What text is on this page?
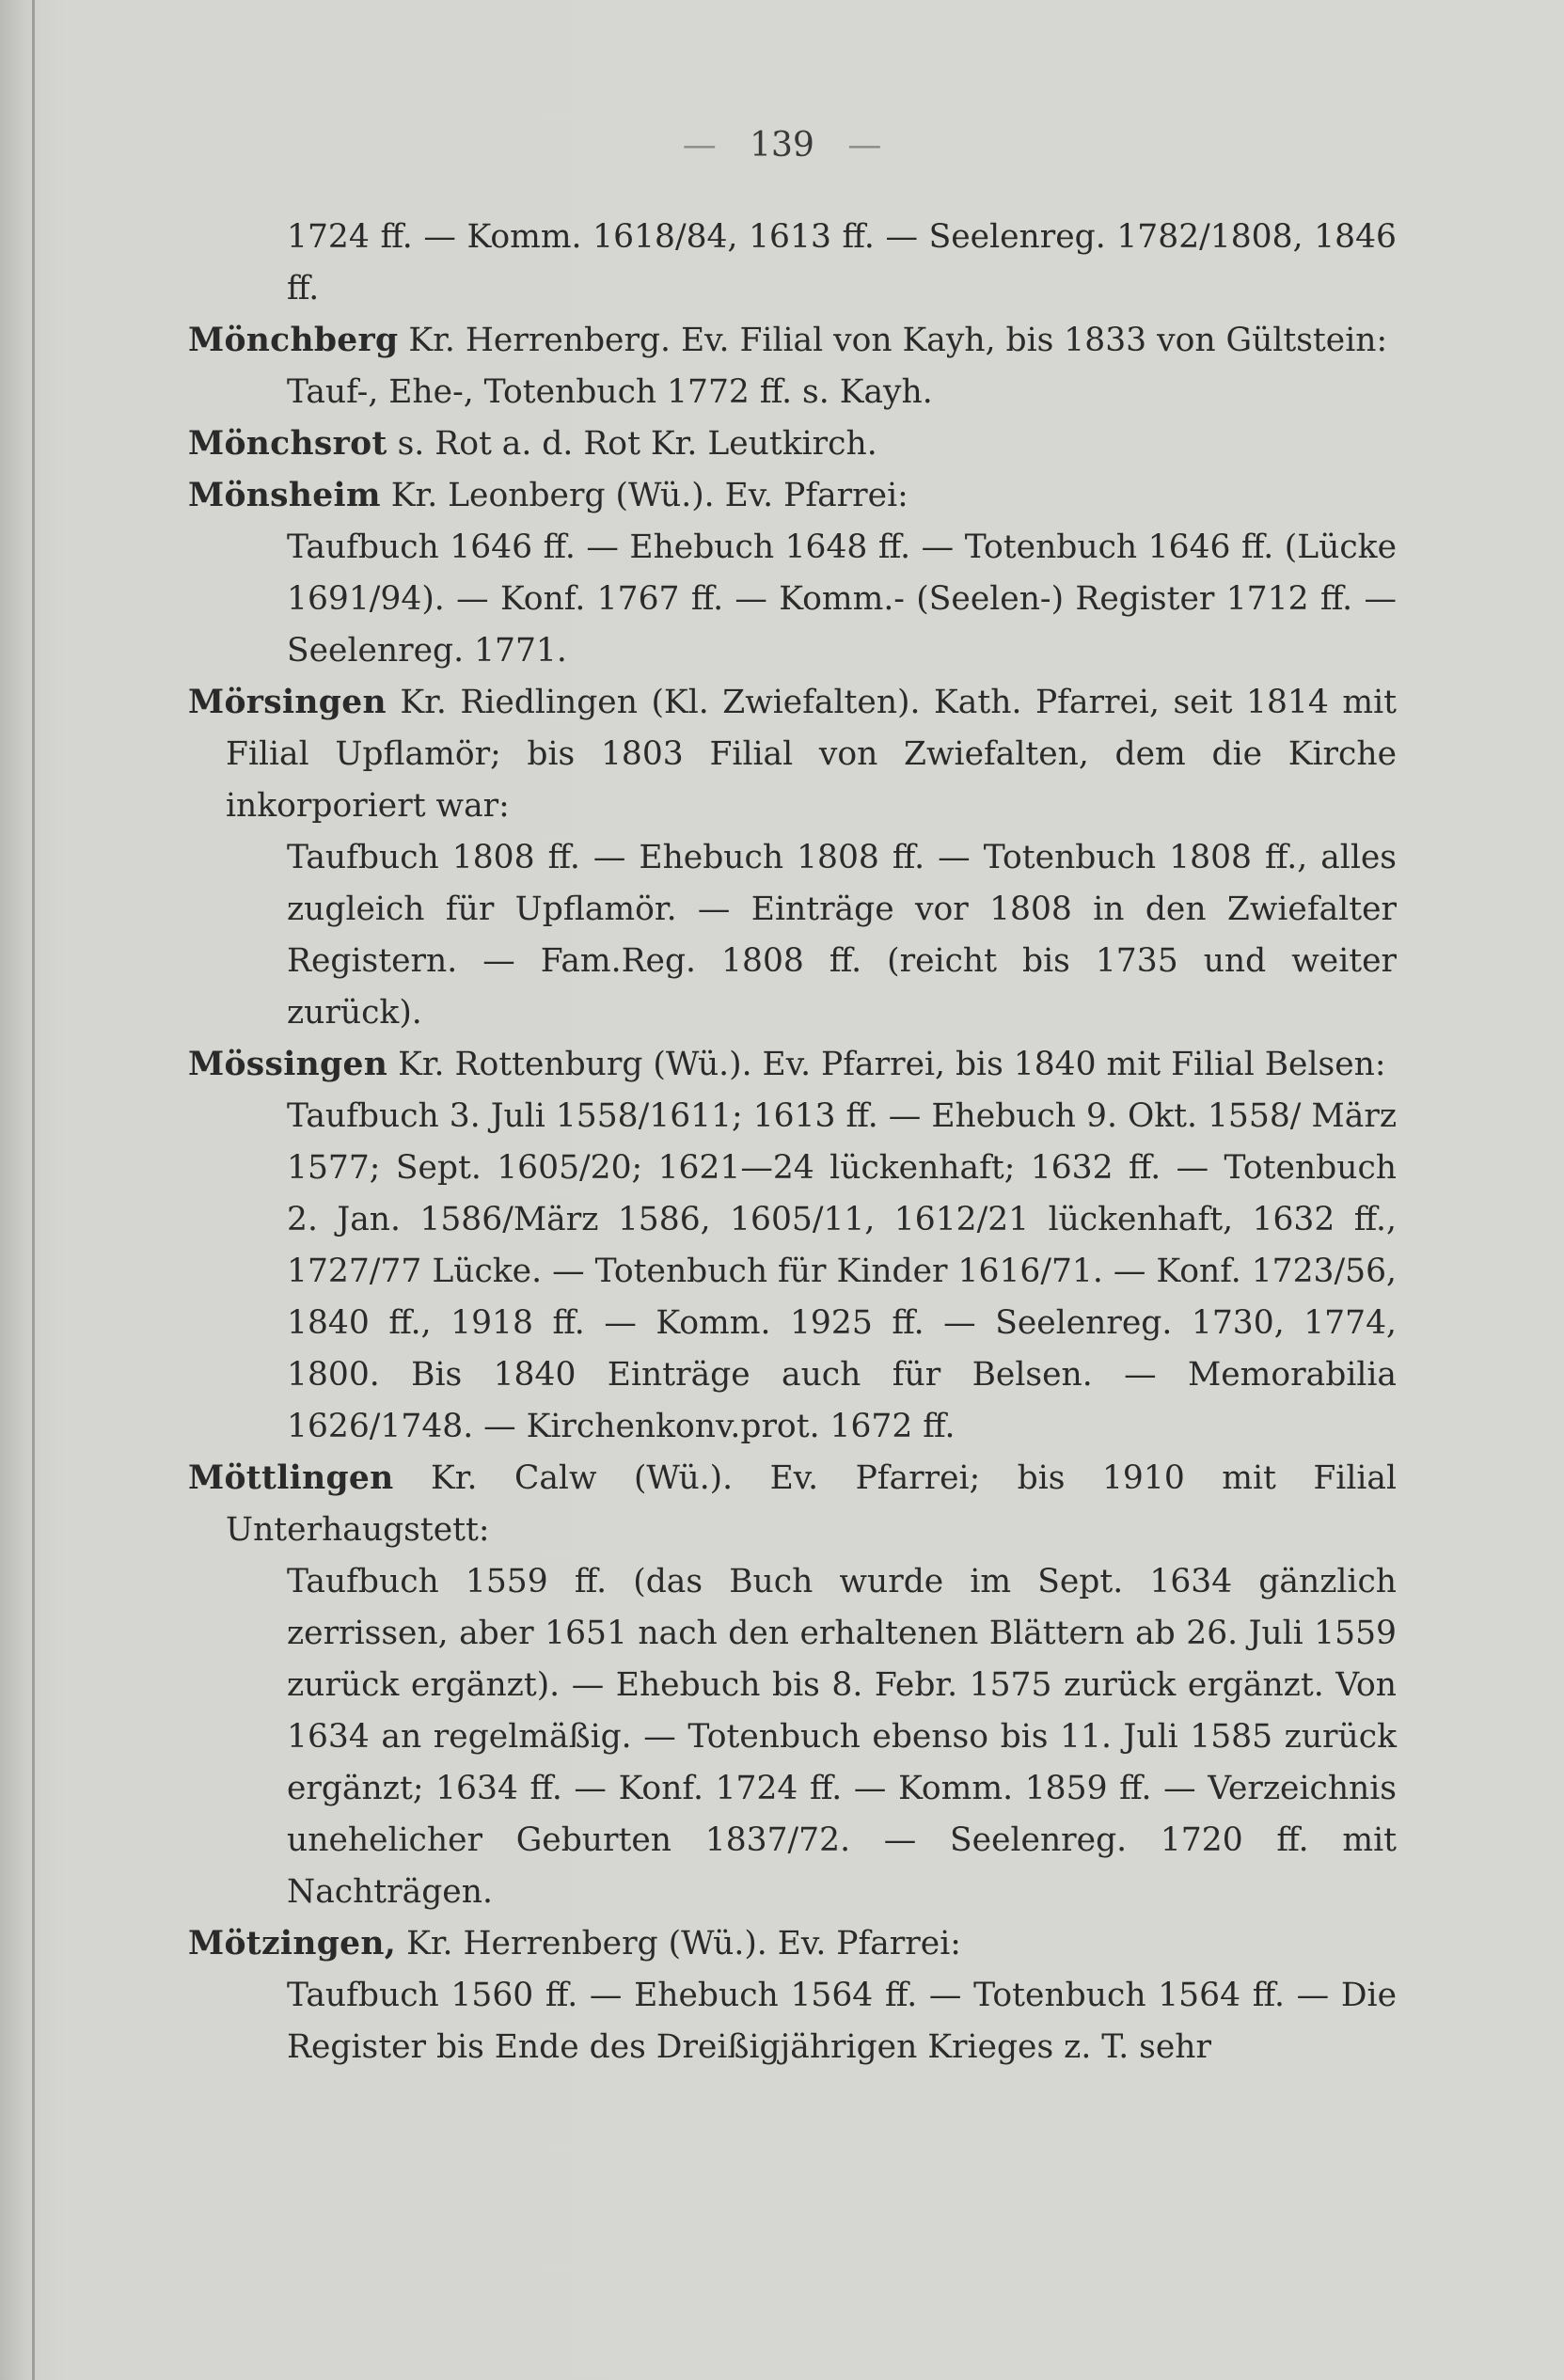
— 139 —
1724 ff. — Komm. 1618/84, 1613 ff. — Seelenreg. 1782/1808, 1846 ff.
Mönchberg Kr. Herrenberg. Ev. Filial von Kayh, bis 1833 von Gültstein:
Tauf-, Ehe-, Totenbuch 1772 ff. s. Kayh.
Mönchsrot s. Rot a. d. Rot Kr. Leutkirch.
Mönsheim Kr. Leonberg (Wü.). Ev. Pfarrei:
Taufbuch 1646 ff. — Ehebuch 1648 ff. — Totenbuch 1646 ff. (Lücke 1691/94). — Konf. 1767 ff. — Komm.- (Seelen-) Register 1712 ff. — Seelenreg. 1771.
Mörsingen Kr. Riedlingen (Kl. Zwiefalten). Kath. Pfarrei, seit 1814 mit Filial Upflamör; bis 1803 Filial von Zwiefalten, dem die Kirche inkorporiert war:
Taufbuch 1808 ff. — Ehebuch 1808 ff. — Totenbuch 1808 ff., alles zugleich für Upflamör. — Einträge vor 1808 in den Zwiefalter Registern. — Fam.Reg. 1808 ff. (reicht bis 1735 und weiter zurück).
Mössingen Kr. Rottenburg (Wü.). Ev. Pfarrei, bis 1840 mit Filial Belsen:
Taufbuch 3. Juli 1558/1611; 1613 ff. — Ehebuch 9. Okt. 1558/ März 1577; Sept. 1605/20; 1621—24 lückenhaft; 1632 ff. — Totenbuch 2. Jan. 1586/März 1586, 1605/11, 1612/21 lückenhaft, 1632 ff., 1727/77 Lücke. — Totenbuch für Kinder 1616/71. — Konf. 1723/56, 1840 ff., 1918 ff. — Komm. 1925 ff. — Seelenreg. 1730, 1774, 1800. Bis 1840 Einträge auch für Belsen. — Memorabilia 1626/1748. — Kirchenkonv.prot. 1672 ff.
Möttlingen Kr. Calw (Wü.). Ev. Pfarrei; bis 1910 mit Filial Unterhaugstett:
Taufbuch 1559 ff. (das Buch wurde im Sept. 1634 gänzlich zerrissen, aber 1651 nach den erhaltenen Blättern ab 26. Juli 1559 zurück ergänzt). — Ehebuch bis 8. Febr. 1575 zurück ergänzt. Von 1634 an regelmäßig. — Totenbuch ebenso bis 11. Juli 1585 zurück ergänzt; 1634 ff. — Konf. 1724 ff. — Komm. 1859 ff. — Verzeichnis unehelicher Geburten 1837/72. — Seelenreg. 1720 ff. mit Nachträgen.
Mötzingen, Kr. Herrenberg (Wü.). Ev. Pfarrei:
Taufbuch 1560 ff. — Ehebuch 1564 ff. — Totenbuch 1564 ff. — Die Register bis Ende des Dreißigjährigen Krieges z. T. sehr
